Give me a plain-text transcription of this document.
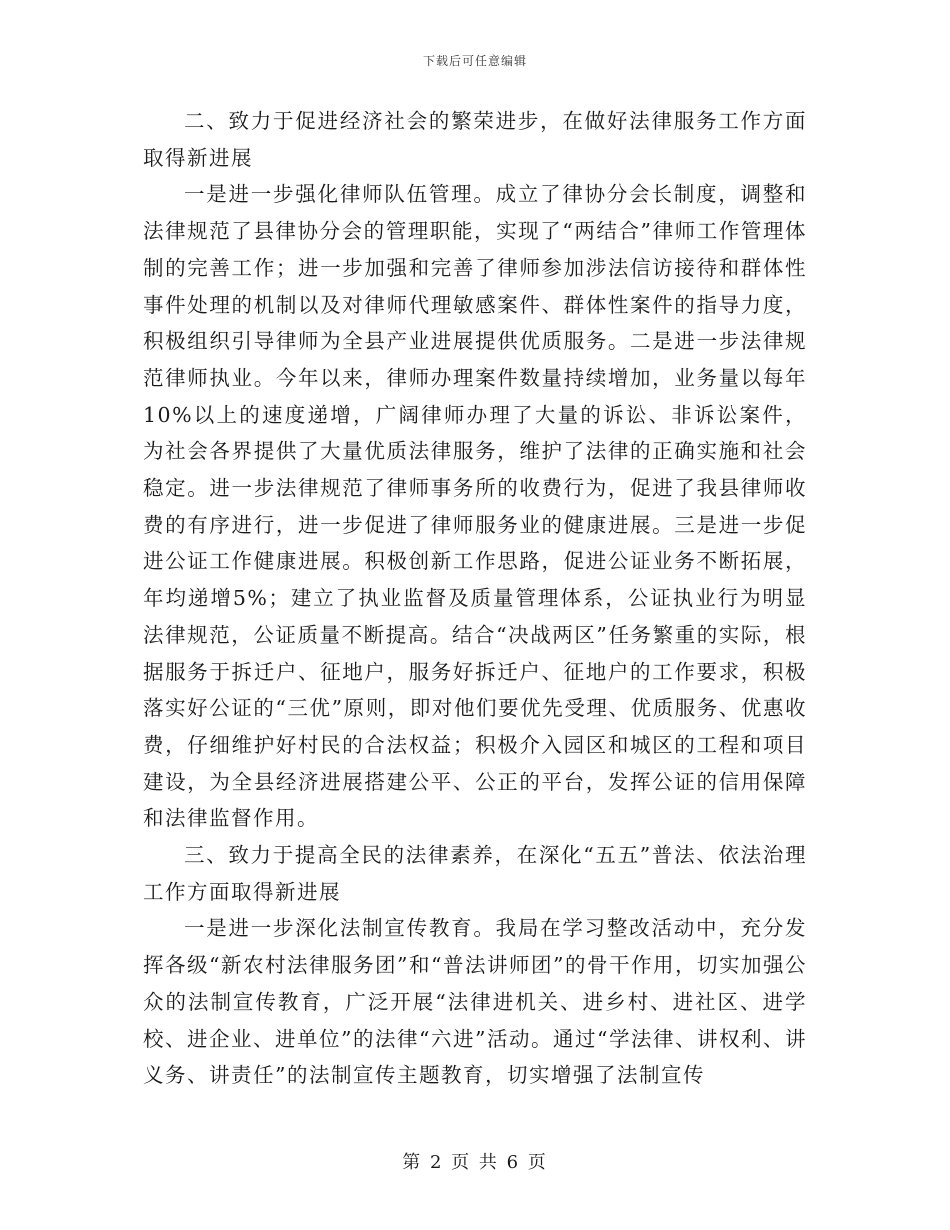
下载后可任意编辑

二、致力于促进经济社会的繁荣进步，在做好法律服务工作方面取得新进展

一是进一步强化律师队伍管理。成立了律协分会长制度，调整和法律规范了县律协分会的管理职能，实现了“两结合”律师工作管理体制的完善工作；进一步加强和完善了律师参加涉法信访接待和群体性事件处理的机制以及对律师代理敏感案件、群体性案件的指导力度，积极组织引导律师为全县产业进展提供优质服务。二是进一步法律规范律师执业。今年以来，律师办理案件数量持续增加，业务量以每年10%以上的速度递增，广阔律师办理了大量的诉讼、非诉讼案件，为社会各界提供了大量优质法律服务，维护了法律的正确实施和社会稳定。进一步法律规范了律师事务所的收费行为，促进了我县律师收费的有序进行，进一步促进了律师服务业的健康进展。三是进一步促进公证工作健康进展。积极创新工作思路，促进公证业务不断拓展，年均递增5%；建立了执业监督及质量管理体系，公证执业行为明显法律规范，公证质量不断提高。结合“决战两区”任务繁重的实际，根据服务于拆迁户、征地户，服务好拆迁户、征地户的工作要求，积极落实好公证的“三优”原则，即对他们要优先受理、优质服务、优惠收费，仔细维护好村民的合法权益；积极介入园区和城区的工程和项目建设，为全县经济进展搭建公平、公正的平台，发挥公证的信用保障和法律监督作用。

三、致力于提高全民的法律素养，在深化“五五”普法、依法治理工作方面取得新进展

一是进一步深化法制宣传教育。我局在学习整改活动中，充分发挥各级“新农村法律服务团”和“普法讲师团”的骨干作用，切实加强公众的法制宣传教育，广泛开展“法律进机关、进乡村、进社区、进学校、进企业、进单位”的法律“六进”活动。通过“学法律、讲权利、讲义务、讲责任”的法制宣传主题教育，切实增强了法制宣传

第 2 页 共 6 页
